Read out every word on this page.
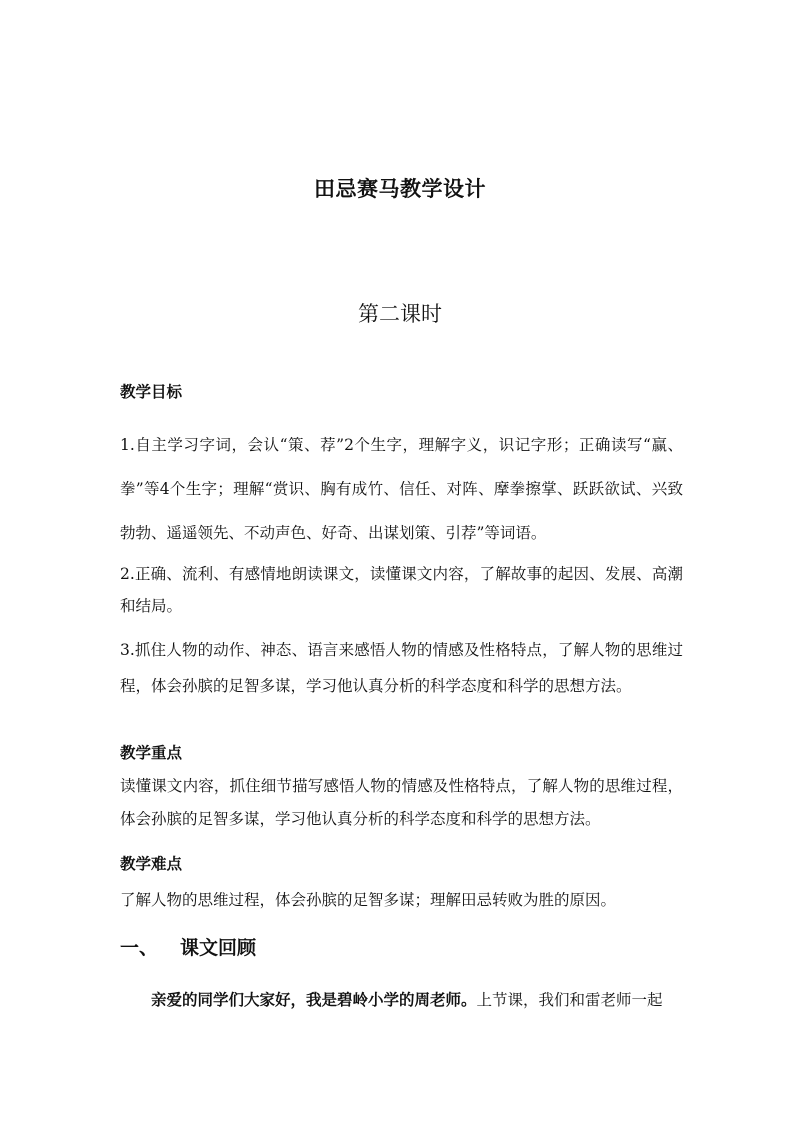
田忌赛马教学设计
第二课时
教学目标
1.自主学习字词，会认“策、荐”2个生字，理解字义，识记字形；正确读写“赢、拳”等4个生字；理解“赏识、胸有成竹、信任、对阵、摩拳擦掌、跃跃欲试、兴致勃勃、遥遥领先、不动声色、好奇、出谋划策、引荐”等词语。
2.正确、流利、有感情地朗读课文，读懂课文内容，了解故事的起因、发展、高潮和结局。
3.抓住人物的动作、神态、语言来感悟人物的情感及性格特点，了解人物的思维过程，体会孙膑的足智多谋，学习他认真分析的科学态度和科学的思想方法。
教学重点
读懂课文内容，抓住细节描写感悟人物的情感及性格特点，了解人物的思维过程，体会孙膑的足智多谋，学习他认真分析的科学态度和科学的思想方法。
教学难点
了解人物的思维过程，体会孙膑的足智多谋；理解田忌转败为胜的原因。
一、 课文回顾
亲爱的同学们大家好，我是碧岭小学的周老师。上节课，我们和雷老师一起
